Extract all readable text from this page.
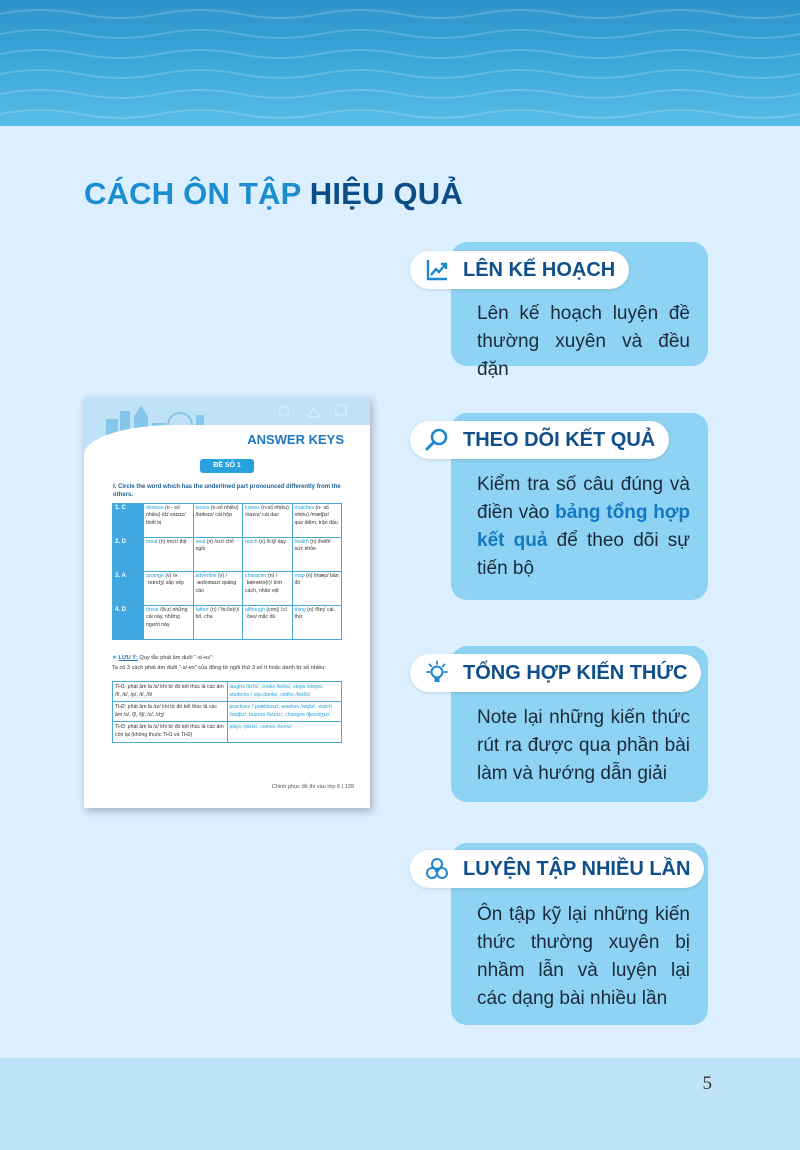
CÁCH ÔN TẬP HIỆU QUẢ
Lên kế hoạch luyện đề thường xuyên và đều đặn
LÊN KẾ HOẠCH
Kiểm tra số câu đúng và điền vào bảng tổng hợp kết quả để theo dõi sự tiến bộ
THEO DÕI KẾT QUẢ
Note lại những kiến thức rút ra được qua phần bài làm và hướng dẫn giải
TỔNG HỢP KIẾN THỨC
Ôn tập kỹ lại những kiến thức thường xuyên bị nhầm lẫn và luyện lại các dạng bài nhiều lần
LUYỆN TẬP NHIỀU LẦN
ANSWER KEYS
ĐỀ SỐ 1
I. Circle the word which has the underlined part pronounced differently from the others.
1. C	devices (n - số nhiều) /dɪˈvaɪsɪz/ thiết bị	boxes (n-số nhiều) /bɒksɪz/ cái hộp	knives (n-số nhiều) /naɪvz/ cái dao	matches (n- số nhiều) /mætʃɪz/ que diêm; trận đấu
2. D	meat (n) /miːt/ thịt	seat (n) /siːt/ chỗ ngồi	teach (v) /tiːtʃ/ dạy	health (n) /helθ/ sức khỏe
3. A	arrange (v) /əˈreɪndʒ/ sắp xếp	advertise (v) /ˈædvətaɪz/ quảng cáo	character (n) /ˈkærəktə(r)/ tính cách, nhân vật	map (n) /mæp/ bản đồ
4. D	these /ðiːz/ những cái này, những người này	father (n) /ˈfɑːðə(r)/ bố, cha	although (conj) /ɔːlˈðəʊ/ mặc dù	thing (n) /θɪŋ/ cái, thứ
★ LƯU Ý: Quy tắc phát âm đuôi "-s/-es":
Ta có 3 cách phát âm đuôi "-s/-es" của động từ ngôi thứ 3 số ít hoặc danh từ số nhiều:
TH1: phát âm là /s/ khi từ đó kết thúc là các âm /f/, /k/, /p/, /t/, /θ/	laughs /lɑːfs/, cooks /kʊks/, stops /stɒps/, students /ˈstjuːdənts/, cloths /klɒθs/
TH2: phát âm là /ɪz/ khi từ đó kết thúc là các âm /s/, /ʃ/, /tʃ/, /z/, /dʒ/	practises /ˈpræktɪsɪz/, washes /wɒʃɪz/, watch /wɒtʃɪz/, buzzes /bʌzɪz/, changes /tʃeɪndʒɪz/
TH3: phát âm là /z/ khi từ đó kết thúc là các âm còn lại (không thuộc TH1 và TH2)	plays /pleɪz/, comes /kʌmz/
Chinh phục đề thi vào lớp 6 | 139
5
